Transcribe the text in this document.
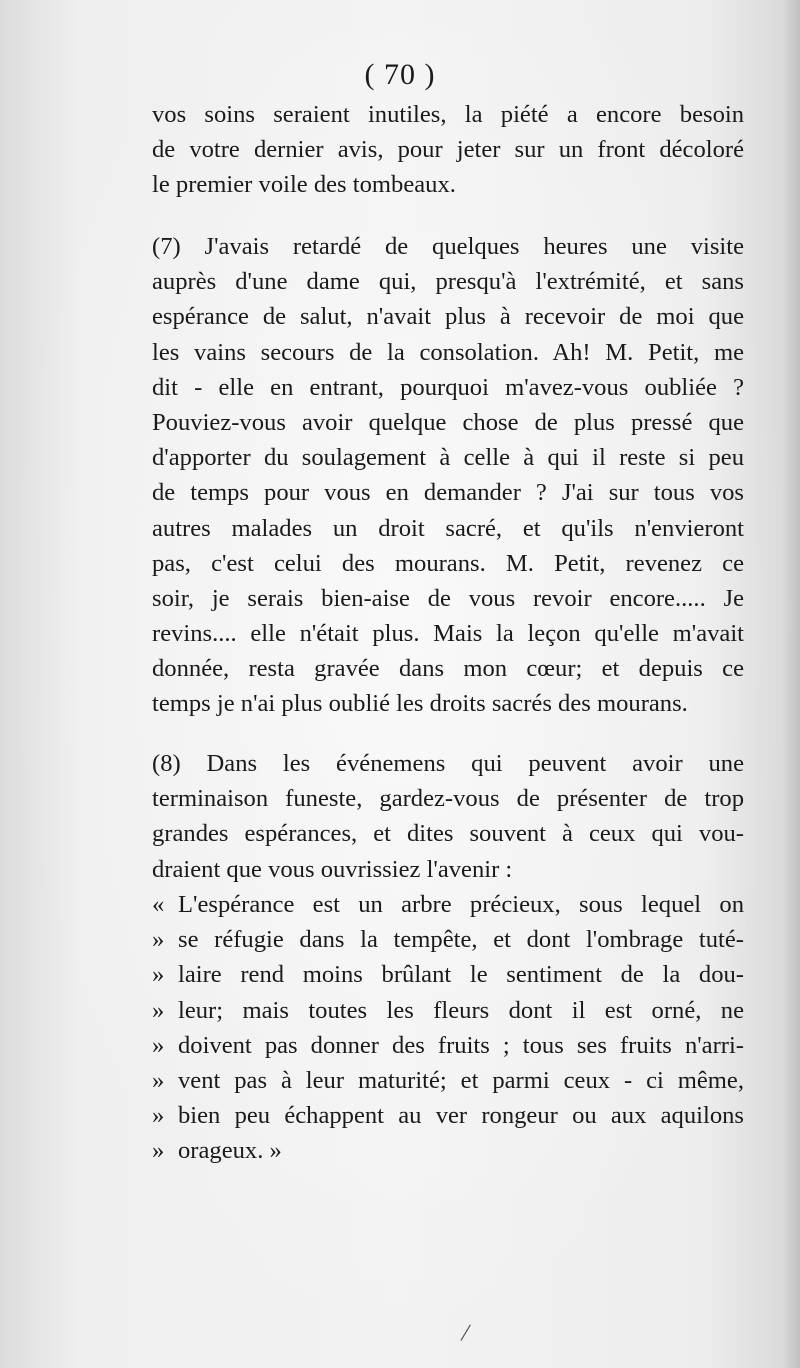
( 70 )
vos soins seraient inutiles, la piété a encore besoin
de votre dernier avis, pour jeter sur un front décoloré
le premier voile des tombeaux.
(7) J'avais retardé de quelques heures une visite
auprès d'une dame qui, presqu'à l'extrémité, et sans
espérance de salut, n'avait plus à recevoir de moi que
les vains secours de la consolation. Ah! M. Petit, me
dit - elle en entrant, pourquoi m'avez-vous oubliée ?
Pouviez-vous avoir quelque chose de plus pressé que
d'apporter du soulagement à celle à qui il reste si peu
de temps pour vous en demander ? J'ai sur tous vos
autres malades un droit sacré, et qu'ils n'envieront
pas, c'est celui des mourans. M. Petit, revenez ce
soir, je serais bien-aise de vous revoir encore..... Je
revins.... elle n'était plus. Mais la leçon qu'elle m'avait
donnée, resta gravée dans mon cœur; et depuis ce
temps je n'ai plus oublié les droits sacrés des mourans.
(8) Dans les événemens qui peuvent avoir une
terminaison funeste, gardez-vous de présenter de trop
grandes espérances, et dites souvent à ceux qui vou-
draient que vous ouvrissiez l'avenir :
« L'espérance est un arbre précieux, sous lequel on
» se réfugie dans la tempête, et dont l'ombrage tuté-
» laire rend moins brûlant le sentiment de la dou-
» leur; mais toutes les fleurs dont il est orné, ne
» doivent pas donner des fruits ; tous ses fruits n'arri-
» vent pas à leur maturité; et parmi ceux - ci même,
» bien peu échappent au ver rongeur ou aux aquilons
» orageux. »
/
